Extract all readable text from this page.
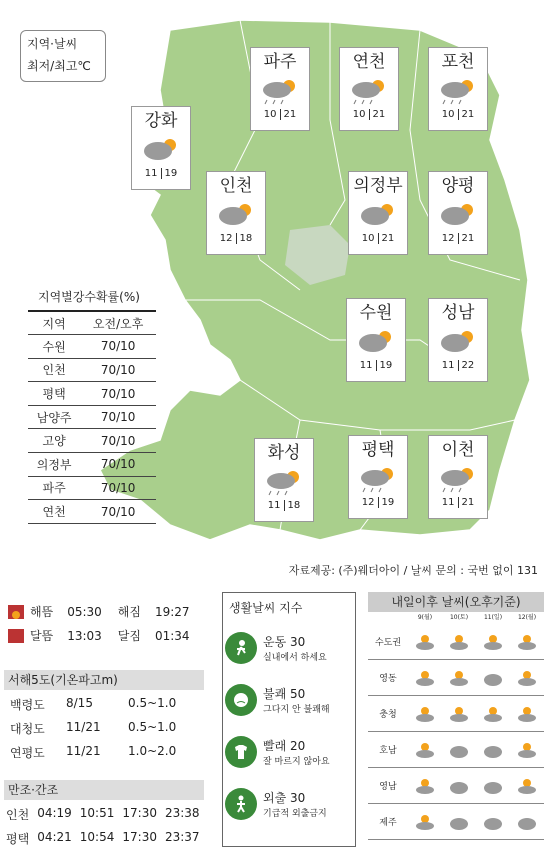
지역·날씨
최저/최고℃	파주
10 21
연천
10 21
포천
10 21
강화
11 19
인천
12 18
의정부
10 21
양평
12 21
수원
11 19
성남
11 22
화성
11 18
평택
12 19
이천
11 21
지역별강수확률(%)
지역	오전/오후
수원	70/10
인천	70/10
평택	70/10
남양주	70/10
고양	70/10
의정부	70/10
파주	70/10
연천	70/10
자료제공: (주)웨더아이 / 날씨 문의 : 국번 없이 131
해뜸 05:30 해짐 19:27
달뜸 13:03 달짐 01:34
서해5도(기온파고m)
백령도	8/15	0.5~1.0
대청도	11/21	0.5~1.0
연평도	11/21	1.0~2.0
만조·간조
인천 04:19 10:51 17:30 23:38
평택 04:21 10:54 17:30 23:37
생활날씨 지수
운동 30
실내에서 하세요
불쾌 50
그다지 안 불쾌해
빨래 20
잘 마르지 않아요
외출 30
기급적 외출금지
내일이후 날씨(오후기준)
9(월)	10(토)	11(일)	12(월)
수도권
영동
충청
호남
영남
제주
